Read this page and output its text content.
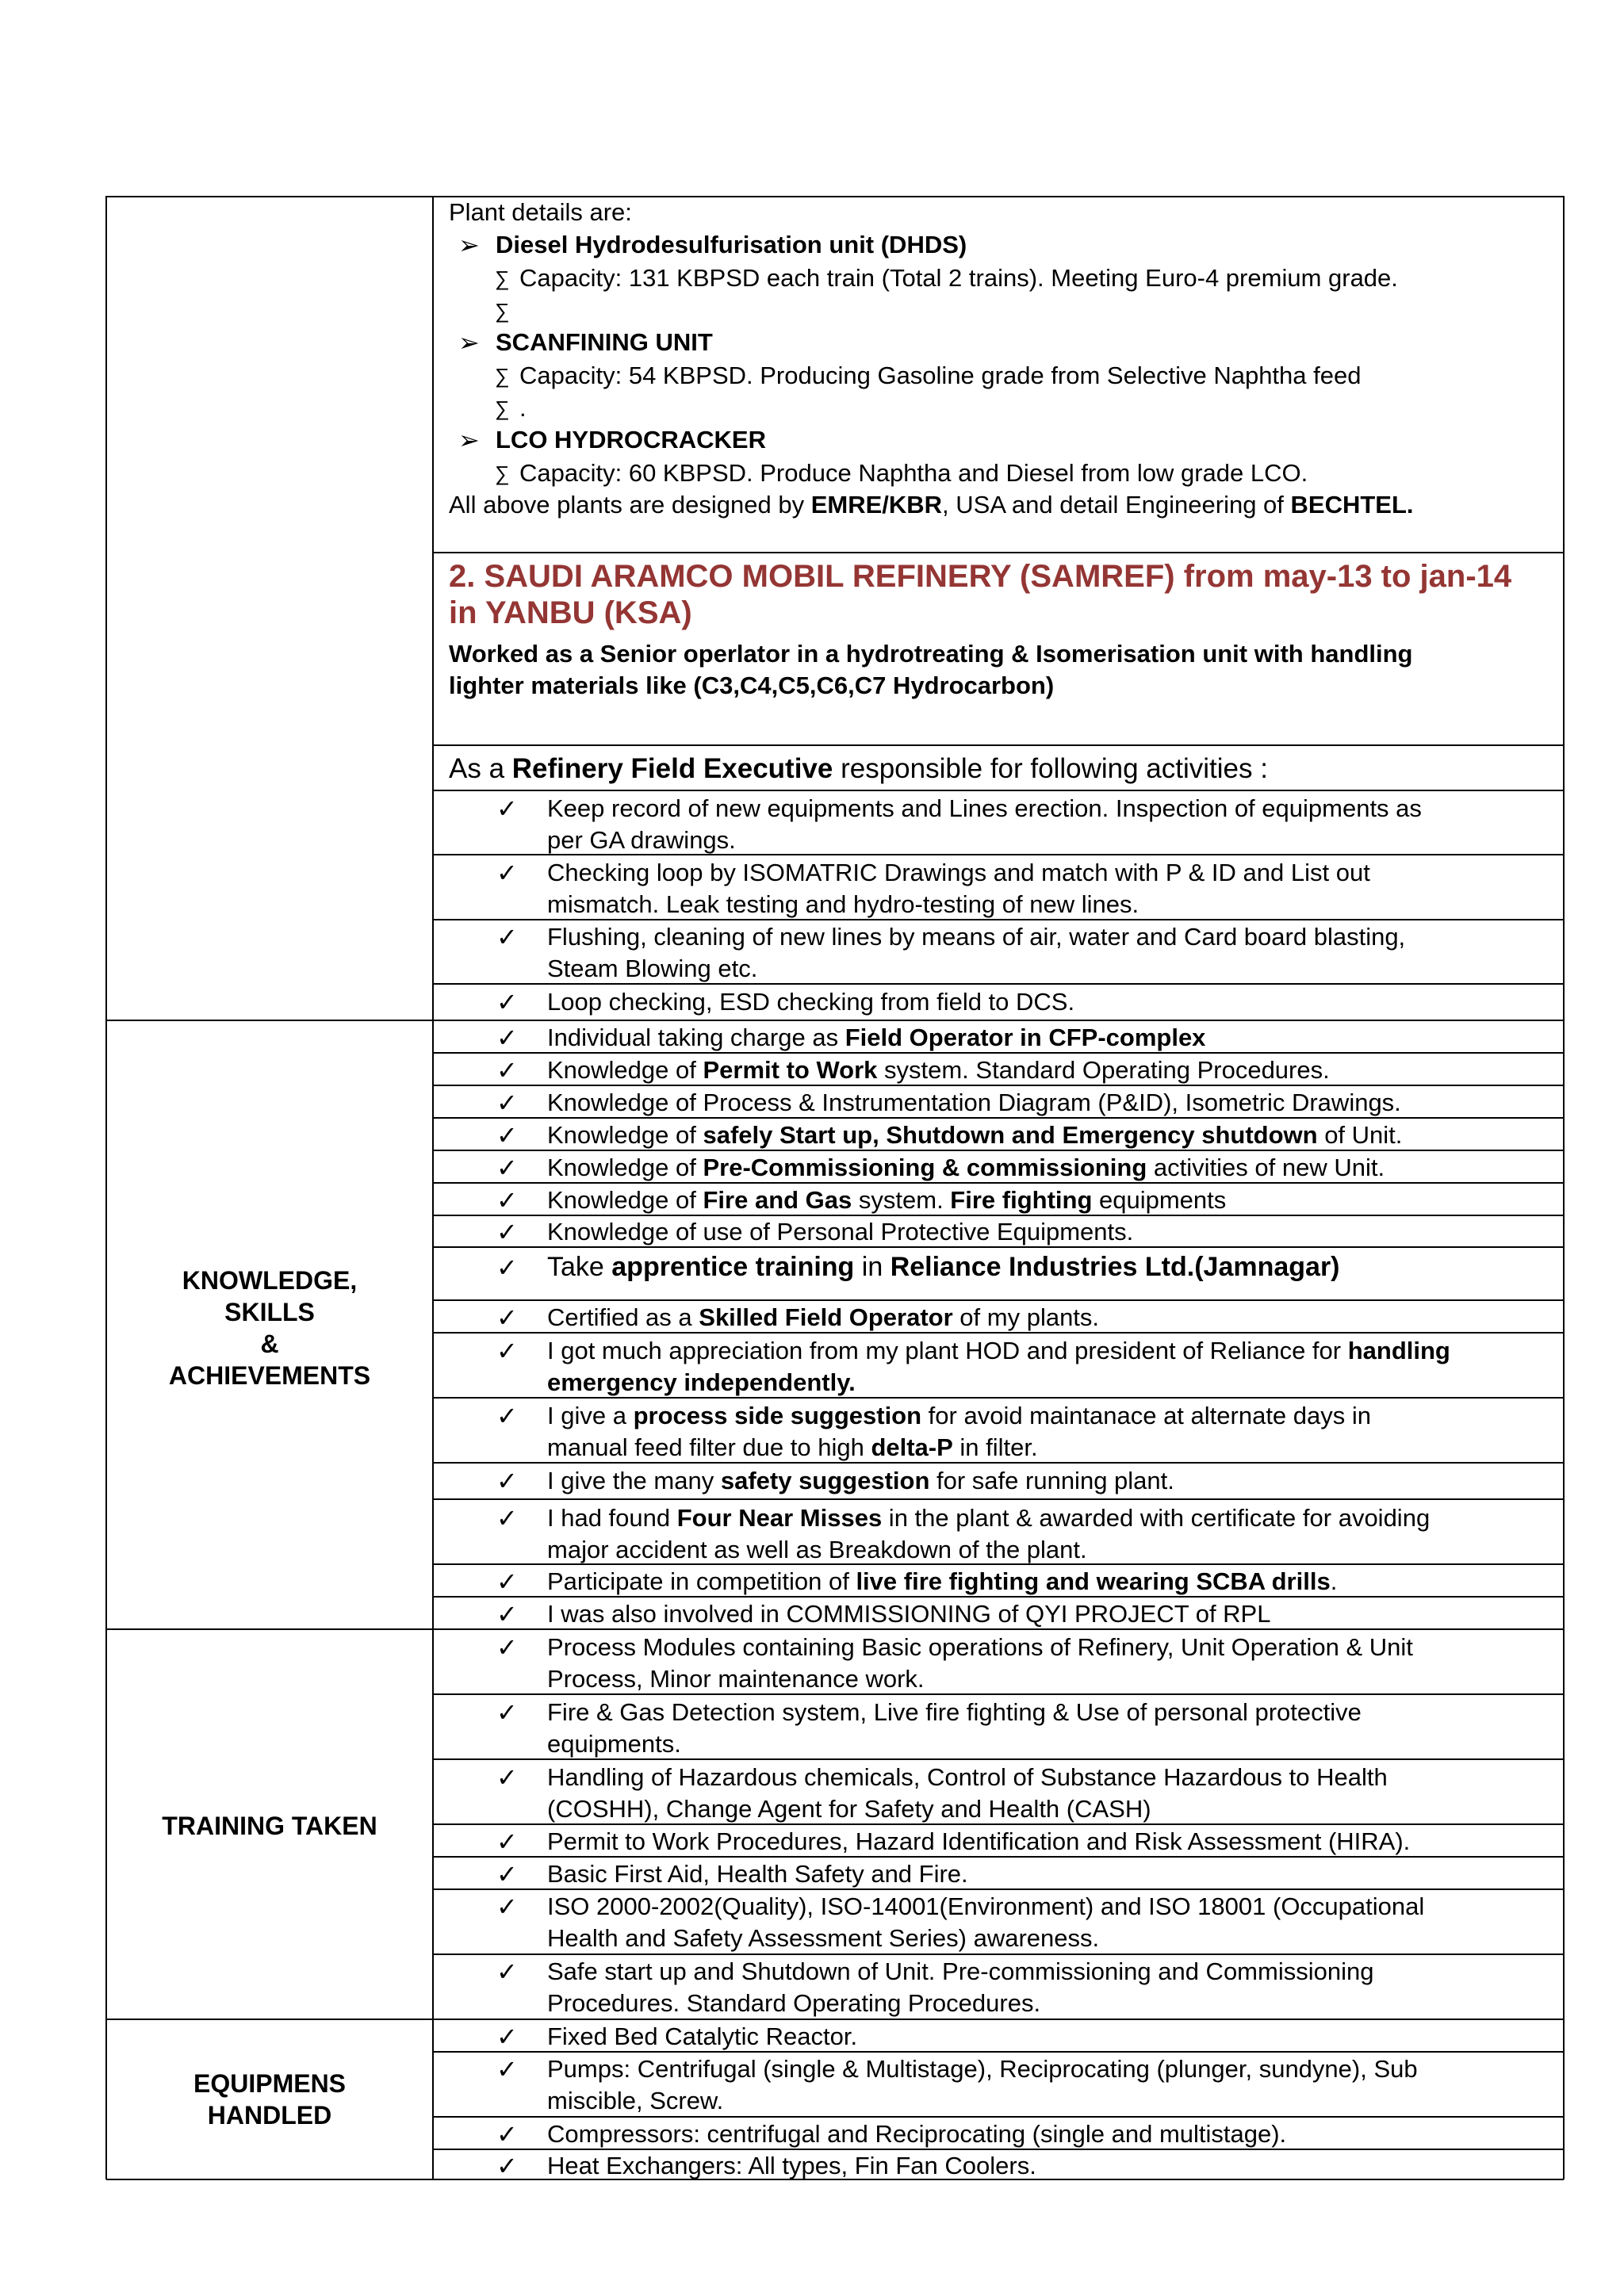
Plant details are:
➢ Diesel Hydrodesulfurisation unit (DHDS)
∑ Capacity: 131 KBPSD each train (Total 2 trains). Meeting Euro-4 premium grade.
∑
➢ SCANFINING UNIT
∑ Capacity: 54 KBPSD. Producing Gasoline grade from Selective Naphtha feed
∑ .
➢ LCO HYDROCRACKER
∑ Capacity: 60 KBPSD. Produce Naphtha and Diesel from low grade LCO.
All above plants are designed by EMRE/KBR, USA and detail Engineering of BECHTEL.
2. SAUDI ARAMCO MOBIL REFINERY (SAMREF) from may-13 to jan-14
in YANBU (KSA)
Worked as a Senior operlator in a hydrotreating & Isomerisation unit with handling
lighter materials like (C3,C4,C5,C6,C7 Hydrocarbon)
As a Refinery Field Executive responsible for following activities :
✓ Keep record of new equipments and Lines erection. Inspection of equipments as
per GA drawings.
✓ Checking loop by ISOMATRIC Drawings and match with P & ID and List out
mismatch. Leak testing and hydro-testing of new lines.
✓ Flushing, cleaning of new lines by means of air, water and Card board blasting,
Steam Blowing etc.
✓ Loop checking, ESD checking from field to DCS.
KNOWLEDGE,
SKILLS
&
ACHIEVEMENTS
✓ Individual taking charge as Field Operator in CFP-complex
✓ Knowledge of Permit to Work system. Standard Operating Procedures.
✓ Knowledge of Process & Instrumentation Diagram (P&ID), Isometric Drawings.
✓ Knowledge of safely Start up, Shutdown and Emergency shutdown of Unit.
✓ Knowledge of Pre-Commissioning & commissioning activities of new Unit.
✓ Knowledge of Fire and Gas system. Fire fighting equipments
✓ Knowledge of use of Personal Protective Equipments.
✓ Take apprentice training in Reliance Industries Ltd.(Jamnagar)
✓ Certified as a Skilled Field Operator of my plants.
✓ I got much appreciation from my plant HOD and president of Reliance for handling
emergency independently.
✓ I give a process side suggestion for avoid maintanace at alternate days in
manual feed filter due to high delta-P in filter.
✓ I give the many safety suggestion for safe running plant.
✓ I had found Four Near Misses in the plant & awarded with certificate for avoiding
major accident as well as Breakdown of the plant.
✓ Participate in competition of live fire fighting and wearing SCBA drills.
✓ I was also involved in COMMISSIONING of QYI PROJECT of RPL
TRAINING TAKEN
✓ Process Modules containing Basic operations of Refinery, Unit Operation & Unit
Process, Minor maintenance work.
✓ Fire & Gas Detection system, Live fire fighting & Use of personal protective
equipments.
✓ Handling of Hazardous chemicals, Control of Substance Hazardous to Health
(COSHH), Change Agent for Safety and Health (CASH)
✓ Permit to Work Procedures, Hazard Identification and Risk Assessment (HIRA).
✓ Basic First Aid, Health Safety and Fire.
✓ ISO 2000-2002(Quality), ISO-14001(Environment) and ISO 18001 (Occupational
Health and Safety Assessment Series) awareness.
✓ Safe start up and Shutdown of Unit. Pre-commissioning and Commissioning
Procedures. Standard Operating Procedures.
EQUIPMENS
HANDLED
✓ Fixed Bed Catalytic Reactor.
✓ Pumps: Centrifugal (single & Multistage), Reciprocating (plunger, sundyne), Sub
miscible, Screw.
✓ Compressors: centrifugal and Reciprocating (single and multistage).
✓ Heat Exchangers: All types, Fin Fan Coolers.
